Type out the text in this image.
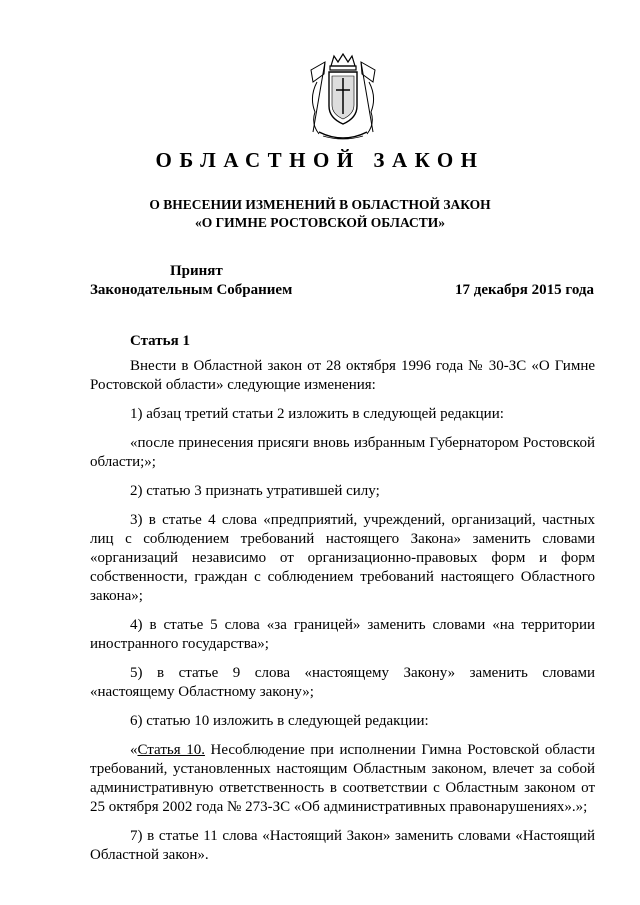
ОБЛАСТНОЙ ЗАКОН
О ВНЕСЕНИИ ИЗМЕНЕНИЙ В ОБЛАСТНОЙ ЗАКОН
«О ГИМНЕ РОСТОВСКОЙ ОБЛАСТИ»
Принят
Законодательным Собранием	17 декабря 2015 года
Статья 1

Внести в Областной закон от 28 октября 1996 года № 30-ЗС «О Гимне Ростовской области» следующие изменения:

1) абзац третий статьи 2 изложить в следующей редакции:

«после принесения присяги вновь избранным Губернатором Ростовской области;»;

2) статью 3 признать утратившей силу;

3) в статье 4 слова «предприятий, учреждений, организаций, частных лиц с соблюдением требований настоящего Закона» заменить словами «организаций независимо от организационно-правовых форм и форм собственности, граждан с соблюдением требований настоящего Областного закона»;

4) в статье 5 слова «за границей» заменить словами «на территории иностранного государства»;

5) в статье 9 слова «настоящему Закону» заменить словами «настоящему Областному закону»;

6) статью 10 изложить в следующей редакции:

«Статья 10. Несоблюдение при исполнении Гимна Ростовской области требований, установленных настоящим Областным законом, влечет за собой административную ответственность в соответствии с Областным законом от 25 октября 2002 года № 273-ЗС «Об административных правонарушениях».»;

7) в статье 11 слова «Настоящий Закон» заменить словами «Настоящий Областной закон».
